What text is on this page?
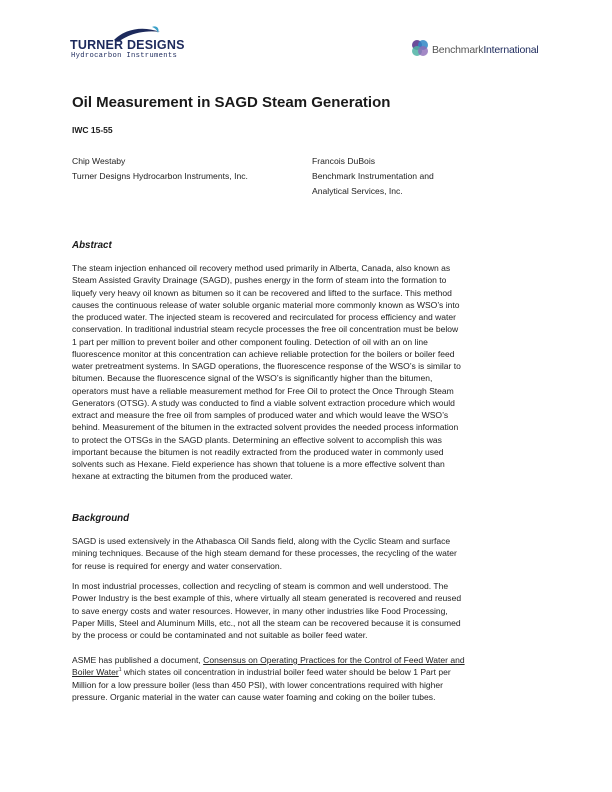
TURNER DESIGNS
Hydrocarbon Instruments	BenchmarkInternational
Oil Measurement in SAGD Steam Generation
IWC 15-55
Chip Westaby
Turner Designs Hydrocarbon Instruments, Inc.
Francois DuBois
Benchmark Instrumentation and
Analytical Services, Inc.
Abstract
The steam injection enhanced oil recovery method used primarily in Alberta, Canada, also known as
Steam Assisted Gravity Drainage (SAGD), pushes energy in the form of steam into the formation to
liquefy very heavy oil known as bitumen so it can be recovered and lifted to the surface. This method
causes the continuous release of water soluble organic material more commonly known as WSO’s into
the produced water. The injected steam is recovered and recirculated for process efficiency and water
conservation. In traditional industrial steam recycle processes the free oil concentration must be below
1 part per million to prevent boiler and other component fouling. Detection of oil with an on line
fluorescence monitor at this concentration can achieve reliable protection for the boilers or boiler feed
water pretreatment systems. In SAGD operations, the fluorescence response of the WSO’s is similar to
bitumen. Because the fluorescence signal of the WSO’s is significantly higher than the bitumen,
operators must have a reliable measurement method for Free Oil to protect the Once Through Steam
Generators (OTSG). A study was conducted to find a viable solvent extraction procedure which would
extract and measure the free oil from samples of produced water and which would leave the WSO’s
behind. Measurement of the bitumen in the extracted solvent provides the needed process information
to protect the OTSGs in the SAGD plants. Determining an effective solvent to accomplish this was
important because the bitumen is not readily extracted from the produced water in commonly used
solvents such as Hexane. Field experience has shown that toluene is a more effective solvent than
hexane at extracting the bitumen from the produced water.
Background
SAGD is used extensively in the Athabasca Oil Sands field, along with the Cyclic Steam and surface
mining techniques. Because of the high steam demand for these processes, the recycling of the water
for reuse is required for energy and water conservation.
In most industrial processes, collection and recycling of steam is common and well understood. The
Power Industry is the best example of this, where virtually all steam generated is recovered and reused
to save energy costs and water resources. However, in many other industries like Food Processing,
Paper Mills, Steel and Aluminum Mills, etc., not all the steam can be recovered because it is consumed
by the process or could be contaminated and not suitable as boiler feed water.
ASME has published a document, Consensus on Operating Practices for the Control of Feed Water and
Boiler Water$^1$ which states oil concentration in industrial boiler feed water should be below 1 Part per
Million for a low pressure boiler (less than 450 PSI), with lower concentrations required with higher
pressure. Organic material in the water can cause water foaming and coking on the boiler tubes.
